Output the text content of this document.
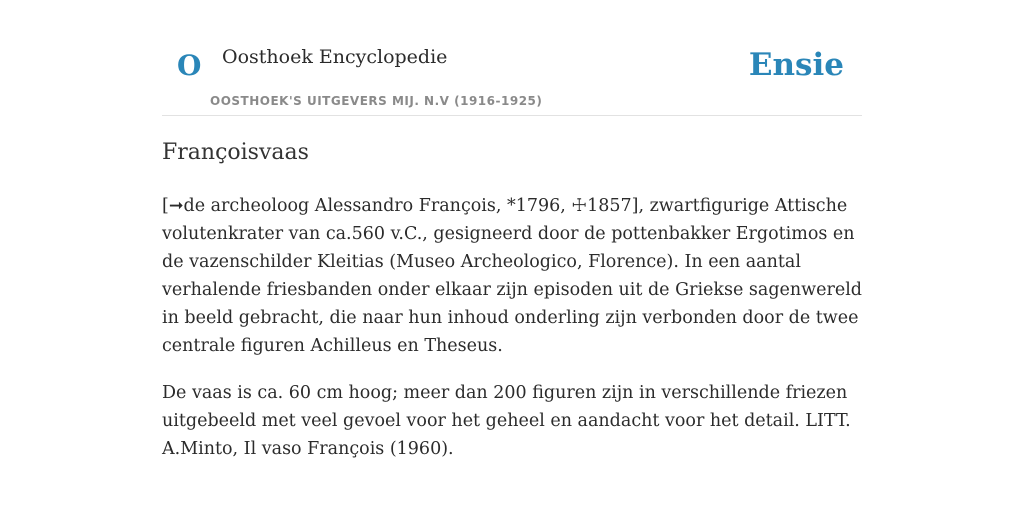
O Oosthoek Encyclopedie
OOSTHOEK'S UITGEVERS MIJ. N.V (1916-1925)
Ensie
Françoisvaas

[➞de archeoloog Alessandro François, *1796, ☩1857], zwartfigurige Attische volutenkrater van ca.560 v.C., gesigneerd door de pottenbakker Ergotimos en de vazenschilder Kleitias (Museo Archeologico, Florence). In een aantal verhalende friesbanden onder elkaar zijn episoden uit de Griekse sagenwereld in beeld gebracht, die naar hun inhoud onderling zijn verbonden door de twee centrale figuren Achilleus en Theseus.

De vaas is ca. 60 cm hoog; meer dan 200 figuren zijn in verschillende friezen uitgebeeld met veel gevoel voor het geheel en aandacht voor het detail. LITT. A.Minto, Il vaso François (1960).
